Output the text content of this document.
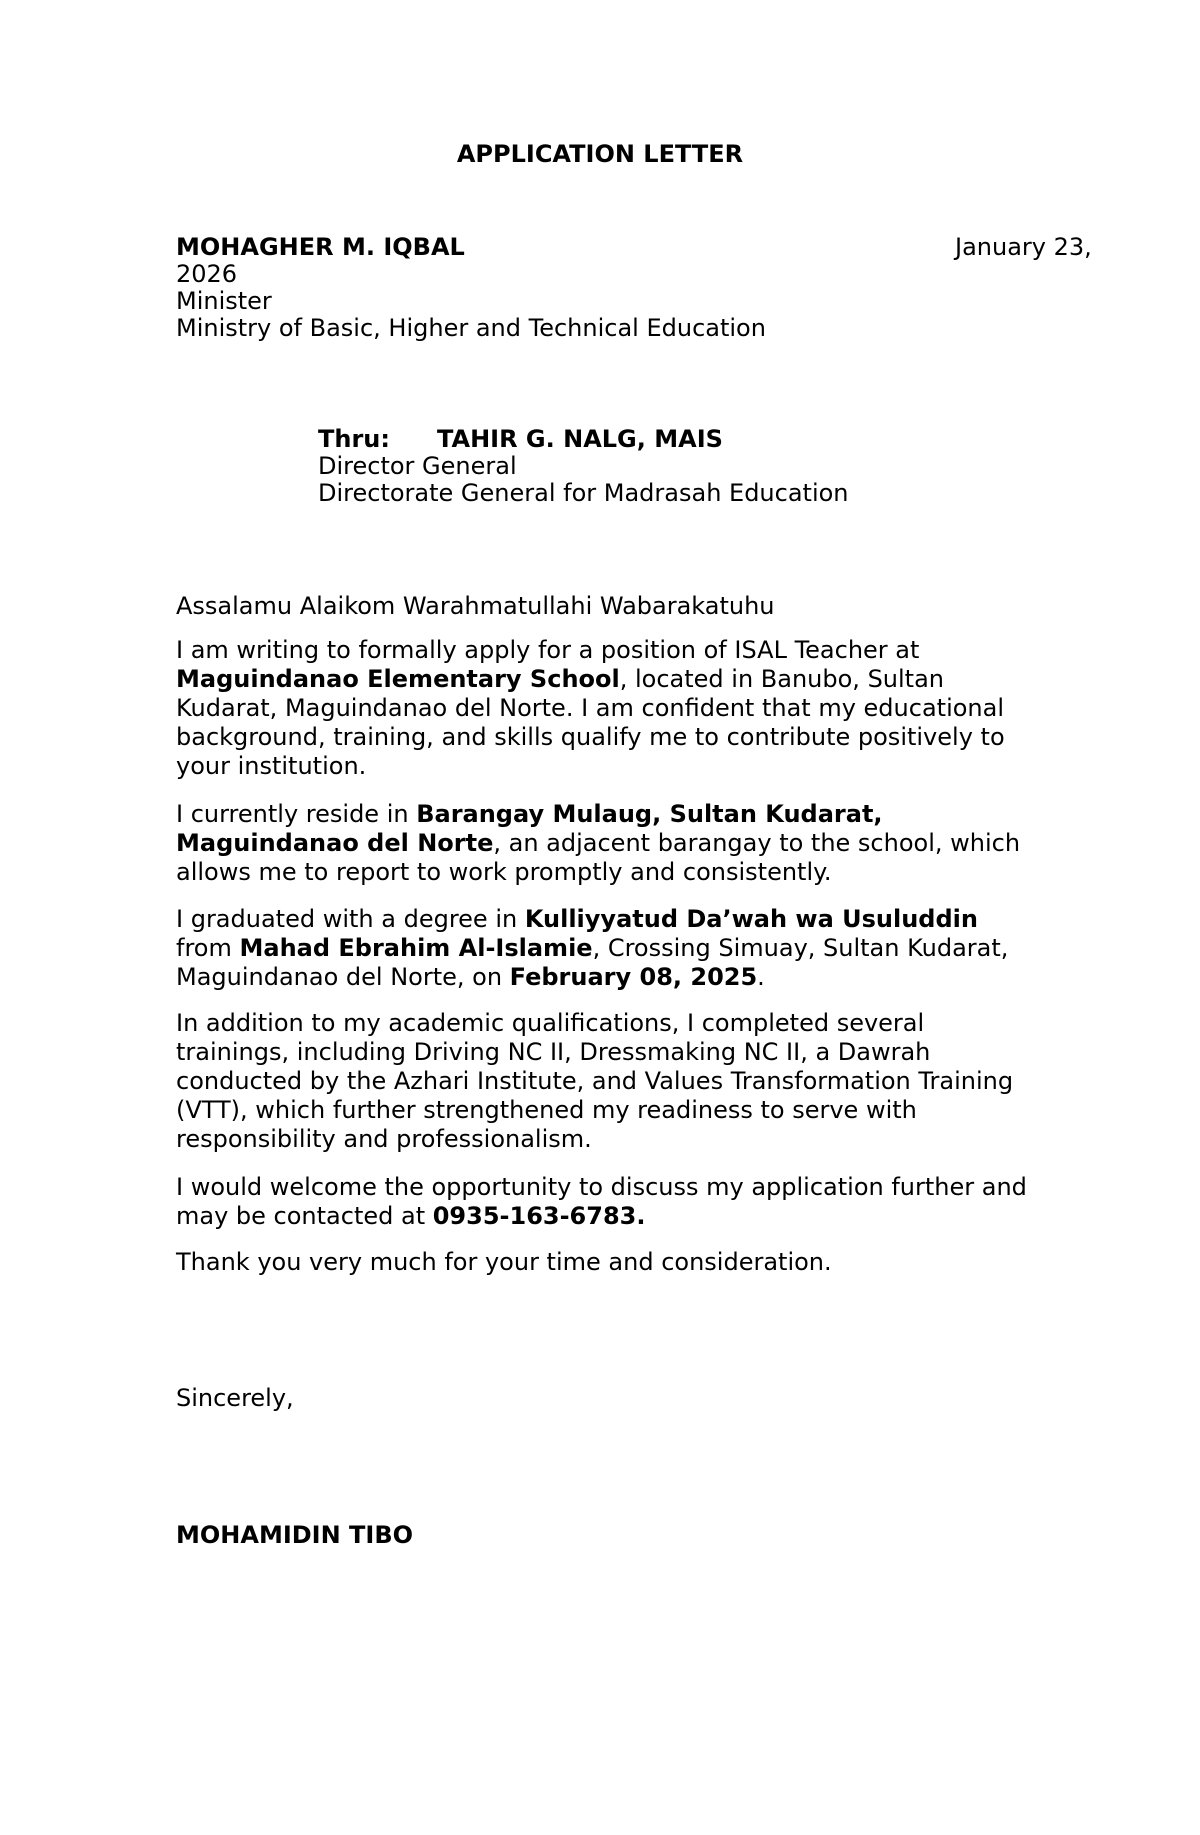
APPLICATION LETTER
MOHAGHER M. IQBAL	January 23,
2026
Minister
Ministry of Basic, Higher and Technical Education
Thru: TAHIR G. NALG, MAIS
Director General
Directorate General for Madrasah Education
Assalamu Alaikom Warahmatullahi Wabarakatuhu
I am writing to formally apply for a position of ISAL Teacher at
Maguindanao Elementary School, located in Banubo, Sultan
Kudarat, Maguindanao del Norte. I am confident that my educational
background, training, and skills qualify me to contribute positively to
your institution.
I currently reside in Barangay Mulaug, Sultan Kudarat,
Maguindanao del Norte, an adjacent barangay to the school, which
allows me to report to work promptly and consistently.
I graduated with a degree in Kulliyyatud Da’wah wa Usuluddin
from Mahad Ebrahim Al-Islamie, Crossing Simuay, Sultan Kudarat,
Maguindanao del Norte, on February 08, 2025.
In addition to my academic qualifications, I completed several
trainings, including Driving NC II, Dressmaking NC II, a Dawrah
conducted by the Azhari Institute, and Values Transformation Training
(VTT), which further strengthened my readiness to serve with
responsibility and professionalism.
I would welcome the opportunity to discuss my application further and
may be contacted at 0935-163-6783.
Thank you very much for your time and consideration.
Sincerely,
MOHAMIDIN TIBO
